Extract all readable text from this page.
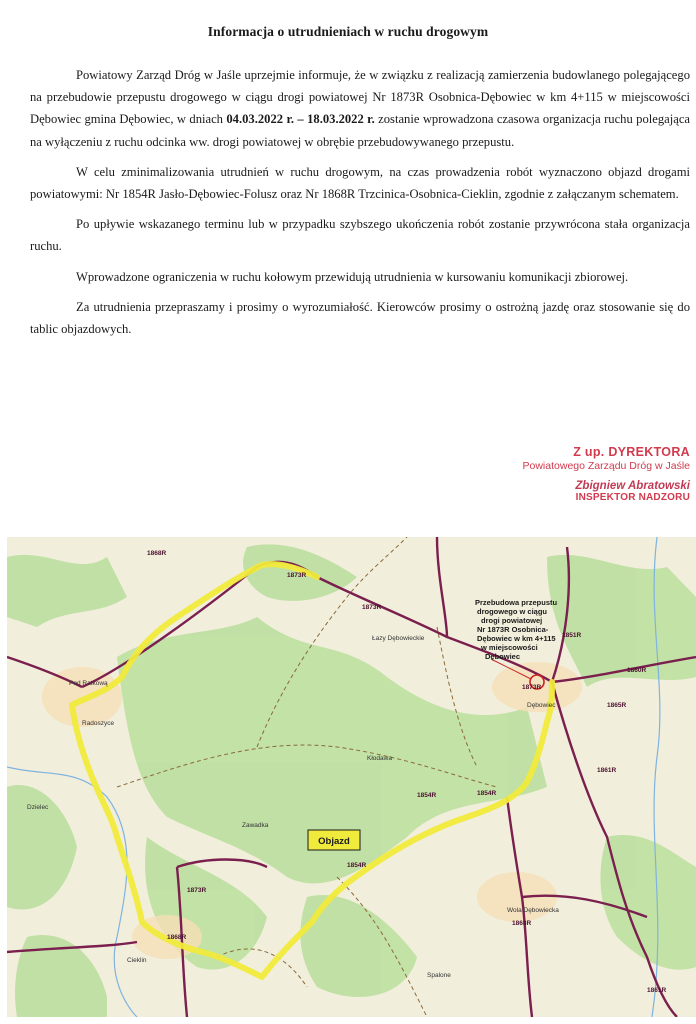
Informacja o utrudnieniach w ruchu drogowym

Powiatowy Zarząd Dróg w Jaśle uprzejmie informuje, że w związku z realizacją zamierzenia budowlanego polegającego na przebudowie przepustu drogowego w ciągu drogi powiatowej Nr 1873R Osobnica-Dębowiec w km 4+115 w miejscowości Dębowiec gmina Dębowiec, w dniach 04.03.2022 r. – 18.03.2022 r. zostanie wprowadzona czasowa organizacja ruchu polegająca na wyłączeniu z ruchu odcinka ww. drogi powiatowej w obrębie przebudowywanego przepustu.

W celu zminimalizowania utrudnień w ruchu drogowym, na czas prowadzenia robót wyznaczono objazd drogami powiatowymi: Nr 1854R Jasło-Dębowiec-Folusz oraz Nr 1868R Trzcinica-Osobnica-Cieklin, zgodnie z załączanym schematem.

Po upływie wskazanego terminu lub w przypadku szybszego ukończenia robót zostanie przywrócona stała organizacja ruchu.

Wprowadzone ograniczenia w ruchu kołowym przewidują utrudnienia w kursowaniu komunikacji zbiorowej.

Za utrudnienia przepraszamy i prosimy o wyrozumiałość. Kierowców prosimy o ostrożną jazdę oraz stosowanie się do tablic objazdowych.

Z up. DYREKTORA
Powiatowego Zarządu Dróg w Jaśle
Zbigniew Abratowski
INSPEKTOR NADZORU
Przebudowa przepustu
drogowego w ciągu
drogi powiatowej
Nr 1873R Osobnica-
Dębowiec w km 4+115
w miejscowości
Dębowiec
Objazd
1873R
1873R
1873R
1868R
1868R
1868R
1854R	1854R
1854R
1865R
1860R
1851R
1861R
1861R
1873R
Łazy Dębowieckie
Dębowiec
Cieklin
Wola Dębowiecka
Radoszyce
Dzielec
Pod Ratkową
Kłodawa
Spalone
Zawadka
